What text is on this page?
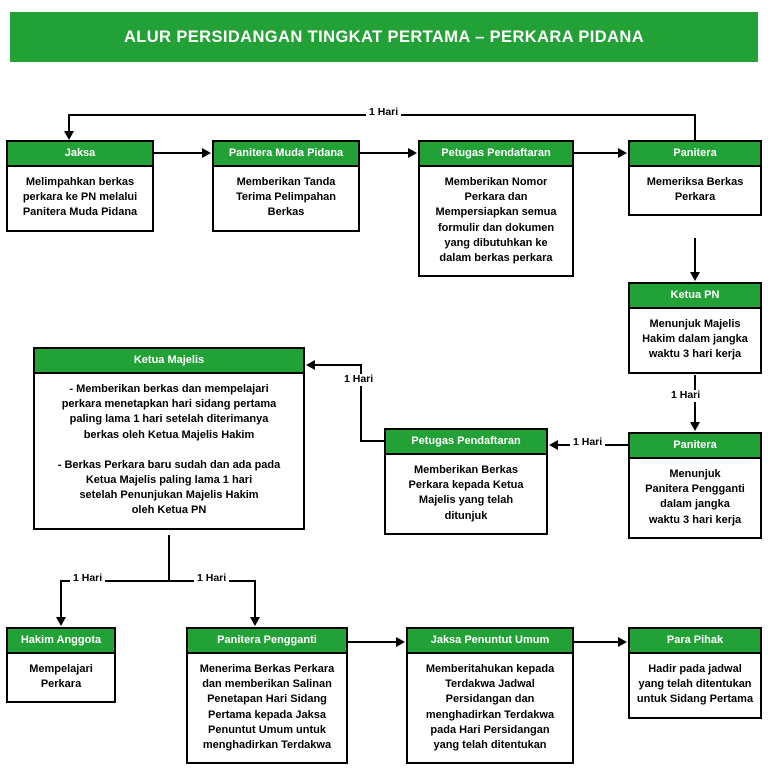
ALUR PERSIDANGAN TINGKAT PERTAMA – PERKARA PIDANA
Jaksa
Melimpahkan berkas
perkara ke PN melalui
Panitera Muda Pidana
Panitera Muda Pidana
Memberikan Tanda
Terima Pelimpahan
Berkas
Petugas Pendaftaran
Memberikan Nomor
Perkara dan
Mempersiapkan semua
formulir dan dokumen
yang dibutuhkan ke
dalam berkas perkara
Panitera
Memeriksa Berkas
Perkara
Ketua PN
Menunjuk Majelis
Hakim dalam jangka
waktu 3 hari kerja
Panitera
Menunjuk
Panitera Pengganti
dalam jangka
waktu 3 hari kerja
Petugas Pendaftaran
Memberikan Berkas
Perkara kepada Ketua
Majelis yang telah
ditunjuk
Ketua Majelis
- Memberikan berkas dan mempelajari
perkara menetapkan hari sidang pertama
paling lama 1 hari setelah diterimanya
berkas oleh Ketua Majelis Hakim

- Berkas Perkara baru sudah dan ada pada
Ketua Majelis paling lama 1 hari
setelah Penunjukan Majelis Hakim
oleh Ketua PN
Hakim Anggota
Mempelajari
Perkara
Panitera Pengganti
Menerima Berkas Perkara
dan memberikan Salinan
Penetapan Hari Sidang
Pertama kepada Jaksa
Penuntut Umum untuk
menghadirkan Terdakwa
Jaksa Penuntut Umum
Memberitahukan kepada
Terdakwa Jadwal
Persidangan dan
menghadirkan Terdakwa
pada Hari Persidangan
yang telah ditentukan
Para Pihak
Hadir pada jadwal
yang telah ditentukan
untuk Sidang Pertama
1 Hari
1 Hari
1 Hari
1 Hari
1 Hari	1 Hari
